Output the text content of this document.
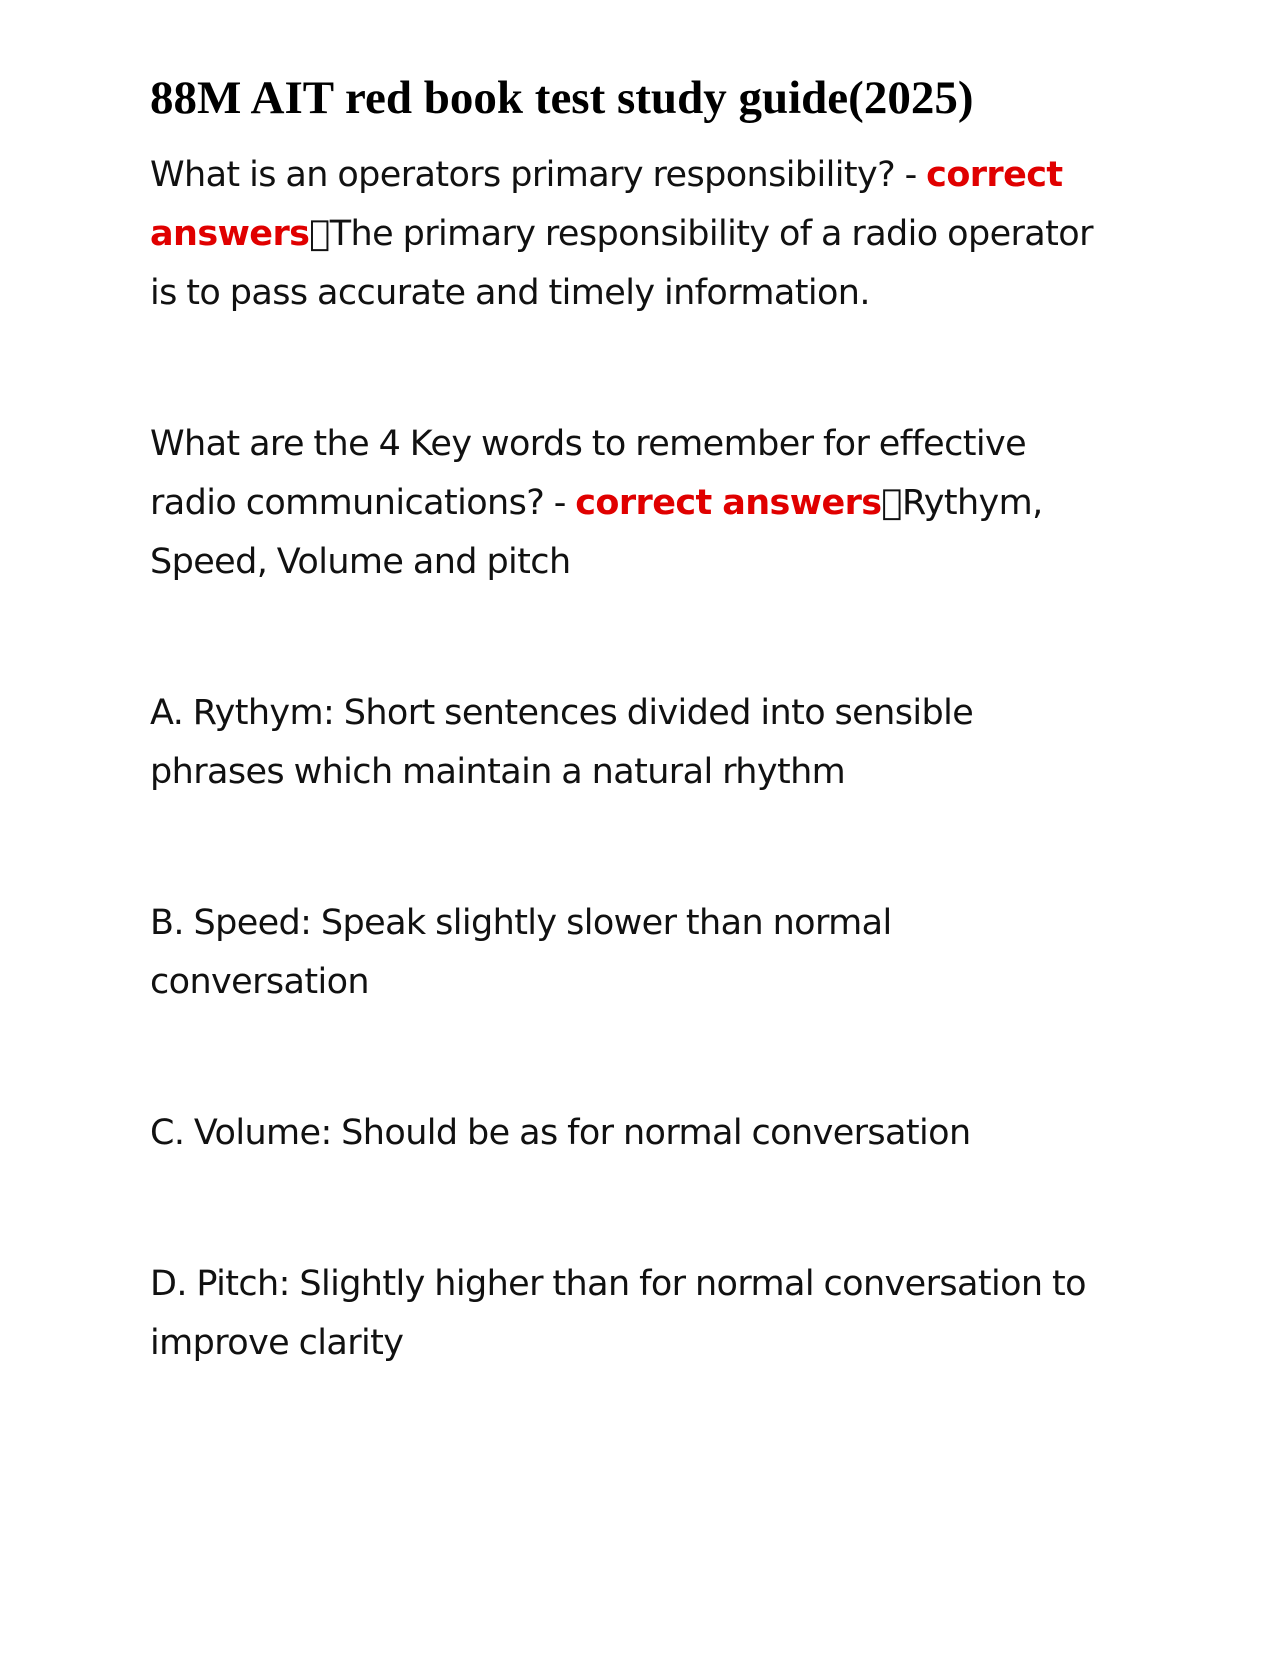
88M AIT red book test study guide(2025)

What is an operators primary responsibility? - correct answers The primary responsibility of a radio operator is to pass accurate and timely information.

What are the 4 Key words to remember for effective radio communications? - correct answers Rythym, Speed, Volume and pitch

A. Rythym: Short sentences divided into sensible phrases which maintain a natural rhythm

B. Speed: Speak slightly slower than normal conversation

C. Volume: Should be as for normal conversation

D. Pitch: Slightly higher than for normal conversation to improve clarity
